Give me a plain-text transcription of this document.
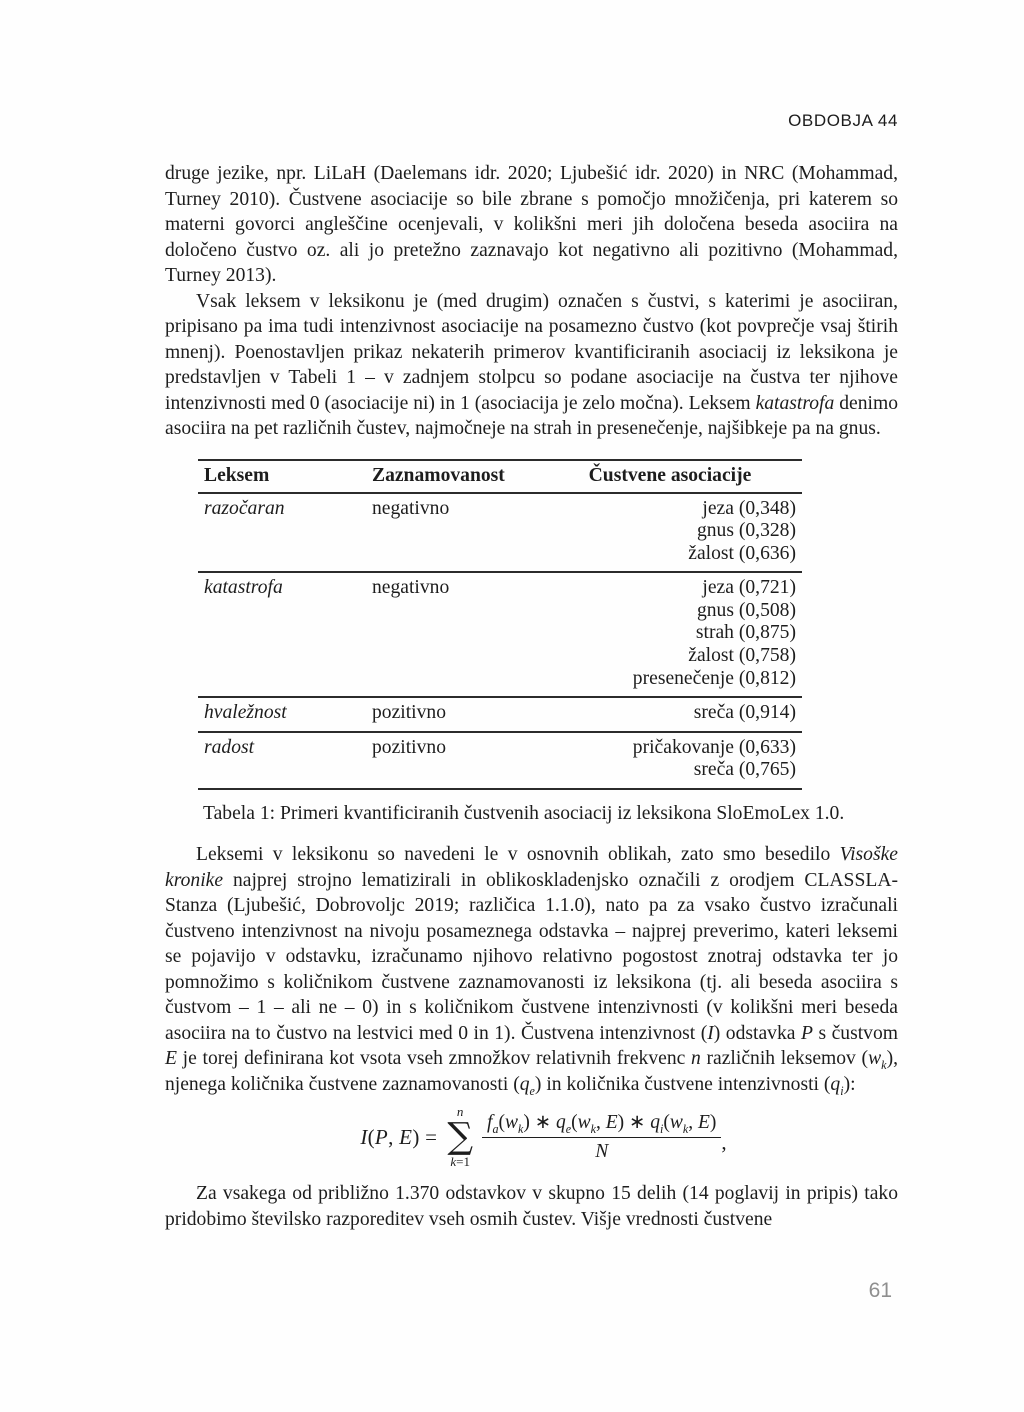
OBDOBJA 44

druge jezike, npr. LiLaH (Daelemans idr. 2020; Ljubešić idr. 2020) in NRC (Mohammad, Turney 2010). Čustvene asociacije so bile zbrane s pomočjo množičenja, pri katerem so materni govorci angleščine ocenjevali, v kolikšni meri jih določena beseda asociira na določeno čustvo oz. ali jo pretežno zaznavajo kot negativno ali pozitivno (Mohammad, Turney 2013).

Vsak leksem v leksikonu je (med drugim) označen s čustvi, s katerimi je asociiran, pripisano pa ima tudi intenzivnost asociacije na posamezno čustvo (kot povprečje vsaj štirih mnenj). Poenostavljen prikaz nekaterih primerov kvantificiranih asociacij iz leksikona je predstavljen v Tabeli 1 – v zadnjem stolpcu so podane asociacije na čustva ter njihove intenzivnosti med 0 (asociacije ni) in 1 (asociacija je zelo močna). Leksem katastrofa denimo asociira na pet različnih čustev, najmočneje na strah in presenečenje, najšibkeje pa na gnus.

Leksem	Zaznamovanost	Čustvene asociacije
razočaran	negativno	jeza (0,348)
gnus (0,328)
žalost (0,636)
katastrofa	negativno	jeza (0,721)
gnus (0,508)
strah (0,875)
žalost (0,758)
presenečenje (0,812)
hvaležnost	pozitivno	sreča (0,914)
radost	pozitivno	pričakovanje (0,633)
sreča (0,765)
Tabela 1: Primeri kvantificiranih čustvenih asociacij iz leksikona SloEmoLex 1.0.

Leksemi v leksikonu so navedeni le v osnovnih oblikah, zato smo besedilo Visoške kronike najprej strojno lematizirali in oblikoskladenjsko označili z orodjem CLASSLA-Stanza (Ljubešić, Dobrovoljc 2019; različica 1.1.0), nato pa za vsako čustvo izračunali čustveno intenzivnost na nivoju posameznega odstavka – najprej preverimo, kateri leksemi se pojavijo v odstavku, izračunamo njihovo relativno pogostost znotraj odstavka ter jo pomnožimo s količnikom čustvene zaznamovanosti iz leksikona (tj. ali beseda asociira s čustvom – 1 – ali ne – 0) in s količnikom čustvene intenzivnosti (v kolikšni meri beseda asociira na to čustvo na lestvici med 0 in 1). Čustvena intenzivnost (I) odstavka P s čustvom E je torej definirana kot vsota vseh zmnožkov relativnih frekvenc n različnih leksemov $(w_k)$, njenega količnika čustvene zaznamovanosti $(q_e)$ in količnika čustvene intenzivnosti $(q_i)$:

I(P, E) =
n
∑
$k=1 \frac{f_a(w_k) ∗ q_e(w_k, E) ∗ q_i(w_k, E)}{N}$ ,

Za vsakega od približno 1.370 odstavkov v skupno 15 delih (14 poglavij in pripis) tako pridobimo številsko razporeditev vseh osmih čustev. Višje vrednosti čustvene

61
